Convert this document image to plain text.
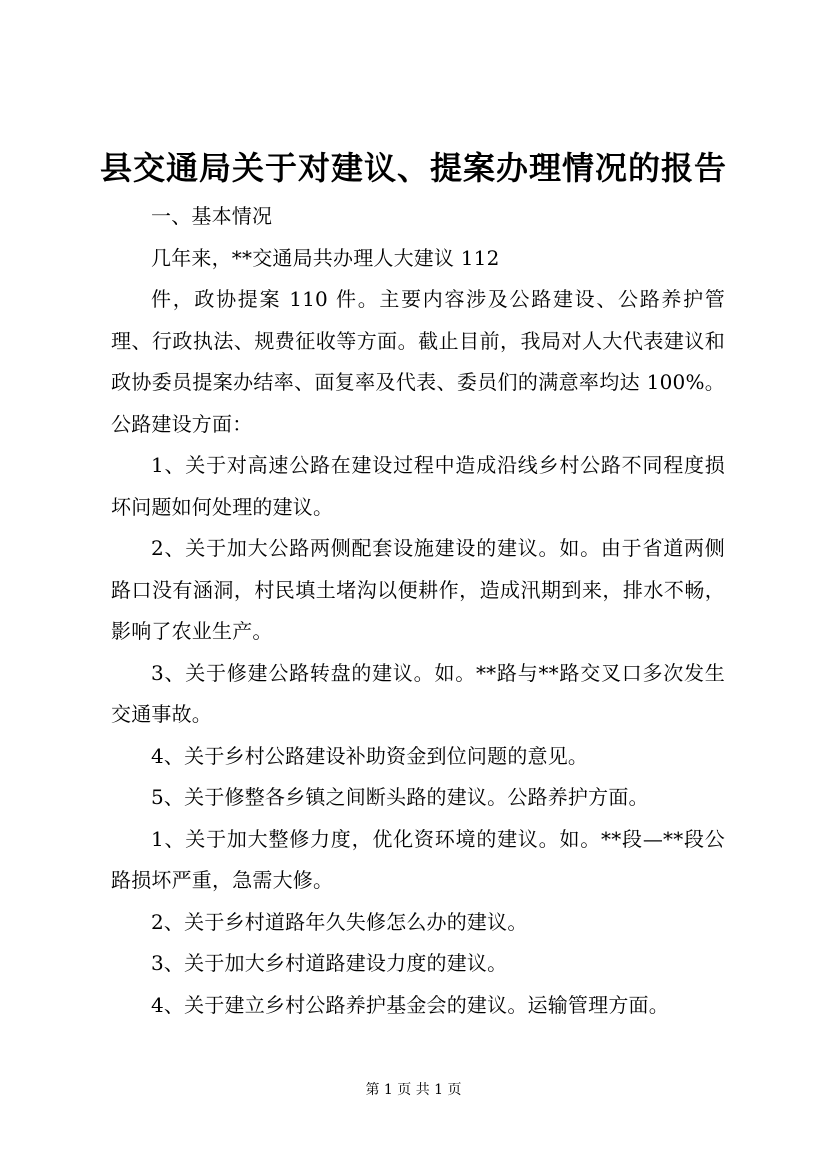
县交通局关于对建议、提案办理情况的报告

一、基本情况

几年来，**交通局共办理人大建议 112

件，政协提案 110 件。主要内容涉及公路建设、公路养护管理、行政执法、规费征收等方面。截止目前，我局对人大代表建议和政协委员提案办结率、面复率及代表、委员们的满意率均达 100%。公路建设方面：

1、关于对高速公路在建设过程中造成沿线乡村公路不同程度损坏问题如何处理的建议。

2、关于加大公路两侧配套设施建设的建议。如。由于省道两侧路口没有涵洞，村民填土堵沟以便耕作，造成汛期到来，排水不畅，影响了农业生产。

3、关于修建公路转盘的建议。如。**路与**路交叉口多次发生交通事故。

4、关于乡村公路建设补助资金到位问题的意见。

5、关于修整各乡镇之间断头路的建议。公路养护方面。

1、关于加大整修力度，优化资环境的建议。如。**段—**段公路损坏严重，急需大修。

2、关于乡村道路年久失修怎么办的建议。

3、关于加大乡村道路建设力度的建议。

4、关于建立乡村公路养护基金会的建议。运输管理方面。

第 1 页 共 1 页
